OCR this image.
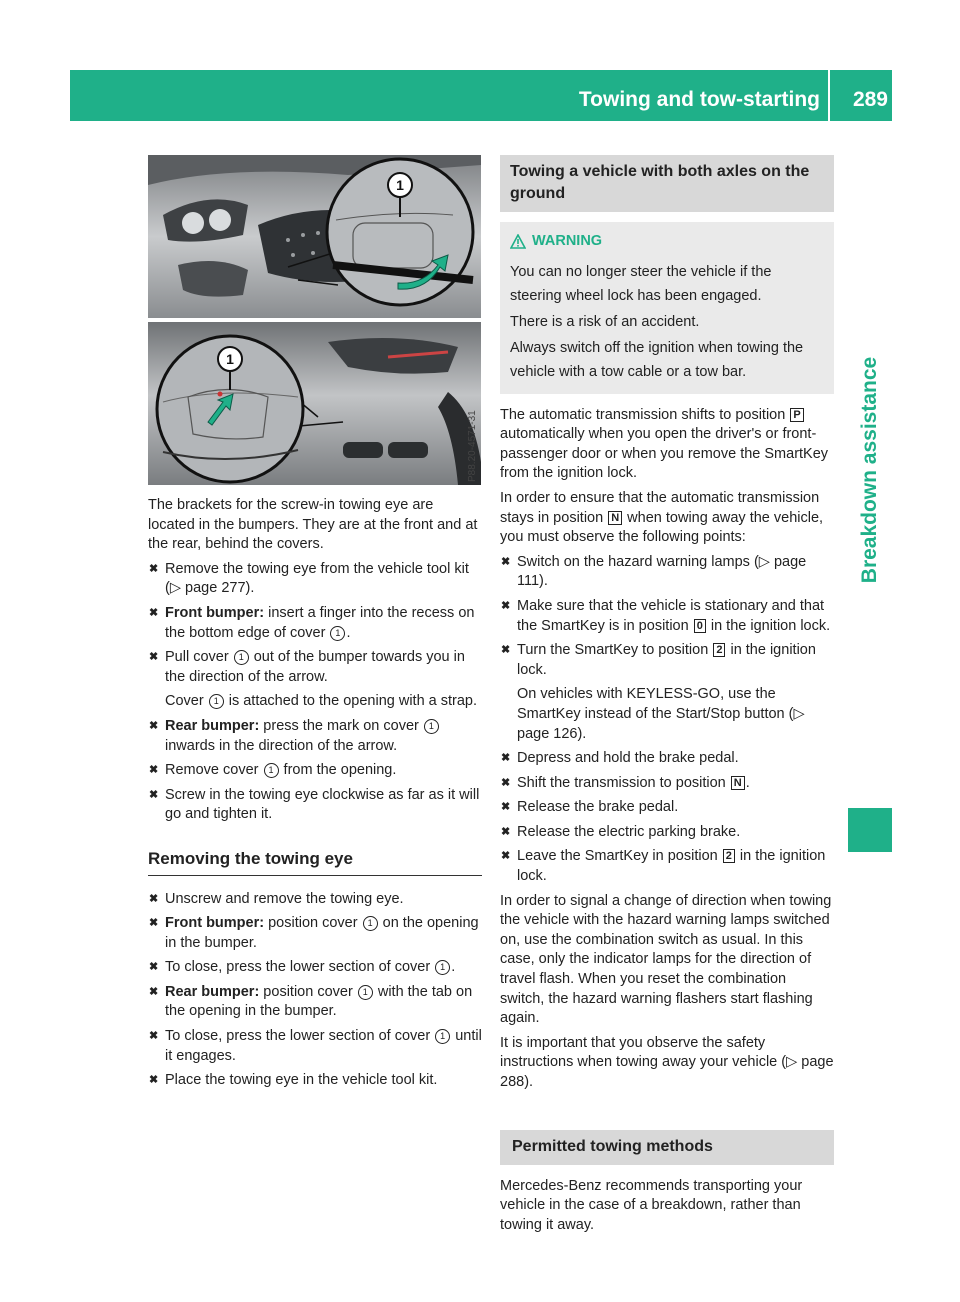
Towing and tow-starting 289
Breakdown assistance
1
1
P88.20-4571-31

The brackets for the screw-in towing eye are located in the bumpers. They are at the front and at the rear, behind the covers.

✖ Remove the towing eye from the vehicle tool kit (▷ page 277).
✖ Front bumper: insert a finger into the recess on the bottom edge of cover 1 .
✖ Pull cover 1 out of the bumper towards you in the direction of the arrow.
Cover 1 is attached to the opening with a strap.
✖ Rear bumper: press the mark on cover 1 inwards in the direction of the arrow.
✖ Remove cover 1 from the opening.
✖ Screw in the towing eye clockwise as far as it will go and tighten it.
Removing the towing eye
✖ Unscrew and remove the towing eye.
✖ Front bumper: position cover 1 on the opening in the bumper.
✖ To close, press the lower section of cover 1 .
✖ Rear bumper: position cover 1 with the tab on the opening in the bumper.
✖ To close, press the lower section of cover 1 until it engages.
✖ Place the towing eye in the vehicle tool kit.
Towing a vehicle with both axles on the ground
WARNING

You can no longer steer the vehicle if the steering wheel lock has been engaged.

There is a risk of an accident.

Always switch off the ignition when towing the vehicle with a tow cable or a tow bar.

The automatic transmission shifts to position P automatically when you open the driver's or front-passenger door or when you remove the SmartKey from the ignition lock.

In order to ensure that the automatic transmission stays in position N when towing away the vehicle, you must observe the following points:

✖ Switch on the hazard warning lamps (▷ page 111).
✖ Make sure that the vehicle is stationary and that the SmartKey is in position 0 in the ignition lock.
✖ Turn the SmartKey to position 2 in the ignition lock.
On vehicles with KEYLESS-GO, use the SmartKey instead of the Start/Stop button (▷ page 126).
✖ Depress and hold the brake pedal.
✖ Shift the transmission to position N .
✖ Release the brake pedal.
✖ Release the electric parking brake.
✖ Leave the SmartKey in position 2 in the ignition lock.

In order to signal a change of direction when towing the vehicle with the hazard warning lamps switched on, use the combination switch as usual. In this case, only the indicator lamps for the direction of travel flash. When you reset the combination switch, the hazard warning flashers start flashing again.

It is important that you observe the safety instructions when towing away your vehicle (▷ page 288).

Permitted towing methods

Mercedes-Benz recommends transporting your vehicle in the case of a breakdown, rather than towing it away.
